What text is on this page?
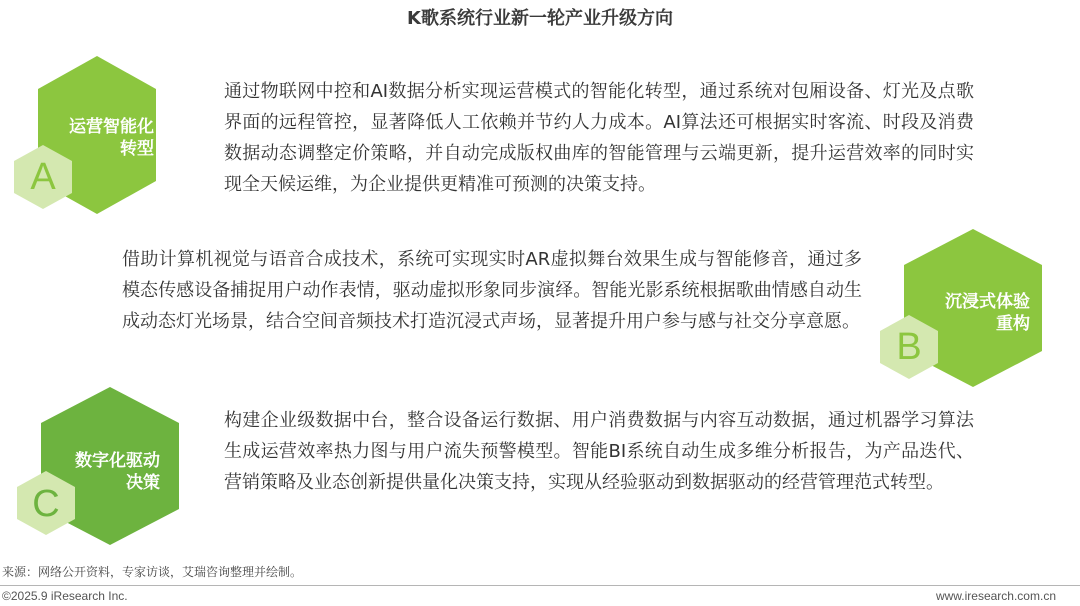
K歌系统行业新一轮产业升级方向
A
运营智能化
转型
通过物联网中控和AI数据分析实现运营模式的智能化转型，通过系统对包厢设备、灯光及点歌界面的远程管控，显著降低人工依赖并节约人力成本。AI算法还可根据实时客流、时段及消费数据动态调整定价策略，并自动完成版权曲库的智能管理与云端更新，提升运营效率的同时实现全天候运维，为企业提供更精准可预测的决策支持。
B
沉浸式体验
重构
借助计算机视觉与语音合成技术，系统可实现实时AR虚拟舞台效果生成与智能修音，通过多模态传感设备捕捉用户动作表情，驱动虚拟形象同步演绎。智能光影系统根据歌曲情感自动生成动态灯光场景，结合空间音频技术打造沉浸式声场，显著提升用户参与感与社交分享意愿。
C
数字化驱动
决策
构建企业级数据中台，整合设备运行数据、用户消费数据与内容互动数据，通过机器学习算法生成运营效率热力图与用户流失预警模型。智能BI系统自动生成多维分析报告，为产品迭代、营销策略及业态创新提供量化决策支持，实现从经验驱动到数据驱动的经营管理范式转型。
来源：网络公开资料，专家访谈，艾瑞咨询整理并绘制。
©2025.9 iResearch Inc.	www.iresearch.com.cn
